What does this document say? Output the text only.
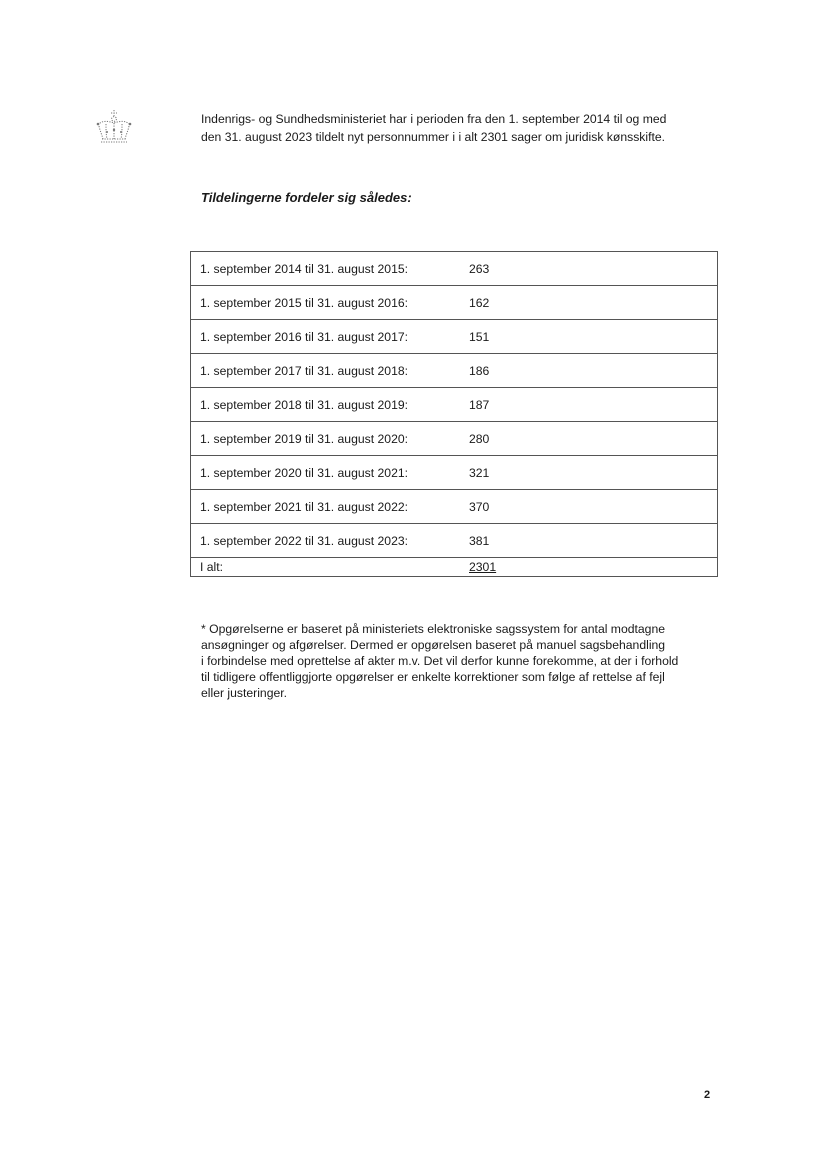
Indenrigs- og Sundhedsministeriet har i perioden fra den 1. september 2014 til og med
den 31. august 2023 tildelt nyt personnummer i i alt 2301 sager om juridisk kønsskifte.

Tildelingerne fordeler sig således:

1. september 2014 til 31. august 2015:	263
1. september 2015 til 31. august 2016:	162
1. september 2016 til 31. august 2017:	151
1. september 2017 til 31. august 2018:	186
1. september 2018 til 31. august 2019:	187
1. september 2019 til 31. august 2020:	280
1. september 2020 til 31. august 2021:	321
1. september 2021 til 31. august 2022:	370
1. september 2022 til 31. august 2023:	381
I alt:	2301

* Opgørelserne er baseret på ministeriets elektroniske sagssystem for antal modtagne
ansøgninger og afgørelser. Dermed er opgørelsen baseret på manuel sagsbehandling
i forbindelse med oprettelse af akter m.v. Det vil derfor kunne forekomme, at der i forhold
til tidligere offentliggjorte opgørelser er enkelte korrektioner som følge af rettelse af fejl
eller justeringer.

2
